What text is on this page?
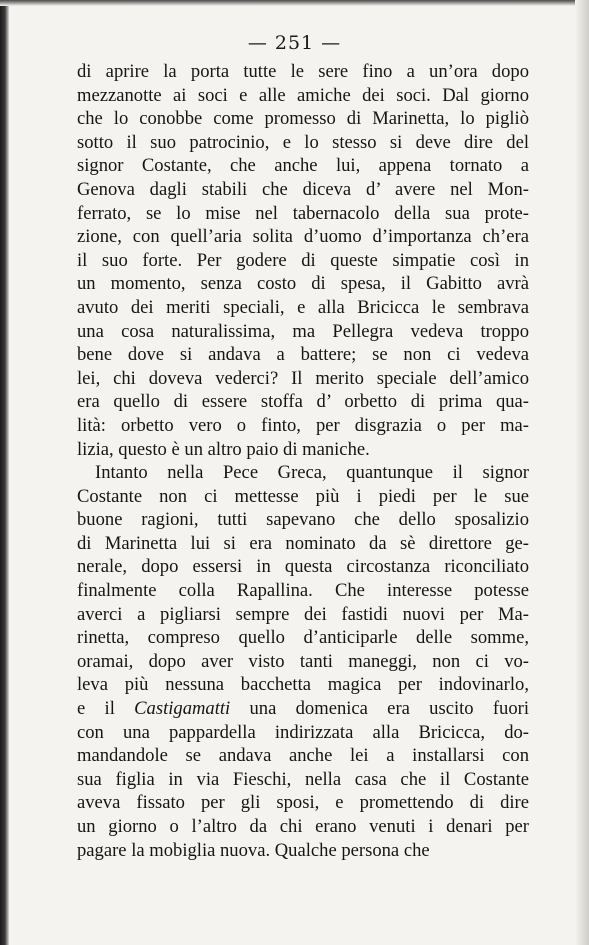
— 251 —
di aprire la porta tutte le sere fino a un’ora dopo
mezzanotte ai soci e alle amiche dei soci. Dal giorno
che lo conobbe come promesso di Marinetta, lo pigliò
sotto il suo patrocinio, e lo stesso si deve dire del
signor Costante, che anche lui, appena tornato a
Genova dagli stabili che diceva d’ avere nel Mon-
ferrato, se lo mise nel tabernacolo della sua prote-
zione, con quell’aria solita d’uomo d’importanza ch’era
il suo forte. Per godere di queste simpatie così in
un momento, senza costo di spesa, il Gabitto avrà
avuto dei meriti speciali, e alla Bricicca le sembrava
una cosa naturalissima, ma Pellegra vedeva troppo
bene dove si andava a battere; se non ci vedeva
lei, chi doveva vederci? Il merito speciale dell’amico
era quello di essere stoffa d’ orbetto di prima qua-
lità: orbetto vero o finto, per disgrazia o per ma-
lizia, questo è un altro paio di maniche.
Intanto nella Pece Greca, quantunque il signor
Costante non ci mettesse più i piedi per le sue
buone ragioni, tutti sapevano che dello sposalizio
di Marinetta lui si era nominato da sè direttore ge-
nerale, dopo essersi in questa circostanza riconciliato
finalmente colla Rapallina. Che interesse potesse
averci a pigliarsi sempre dei fastidi nuovi per Ma-
rinetta, compreso quello d’anticiparle delle somme,
oramai, dopo aver visto tanti maneggi, non ci vo-
leva più nessuna bacchetta magica per indovinarlo,
e il Castigamatti una domenica era uscito fuori
con una pappardella indirizzata alla Bricicca, do-
mandandole se andava anche lei a installarsi con
sua figlia in via Fieschi, nella casa che il Costante
aveva fissato per gli sposi, e promettendo di dire
un giorno o l’altro da chi erano venuti i denari per
pagare la mobiglia nuova. Qualche persona che
